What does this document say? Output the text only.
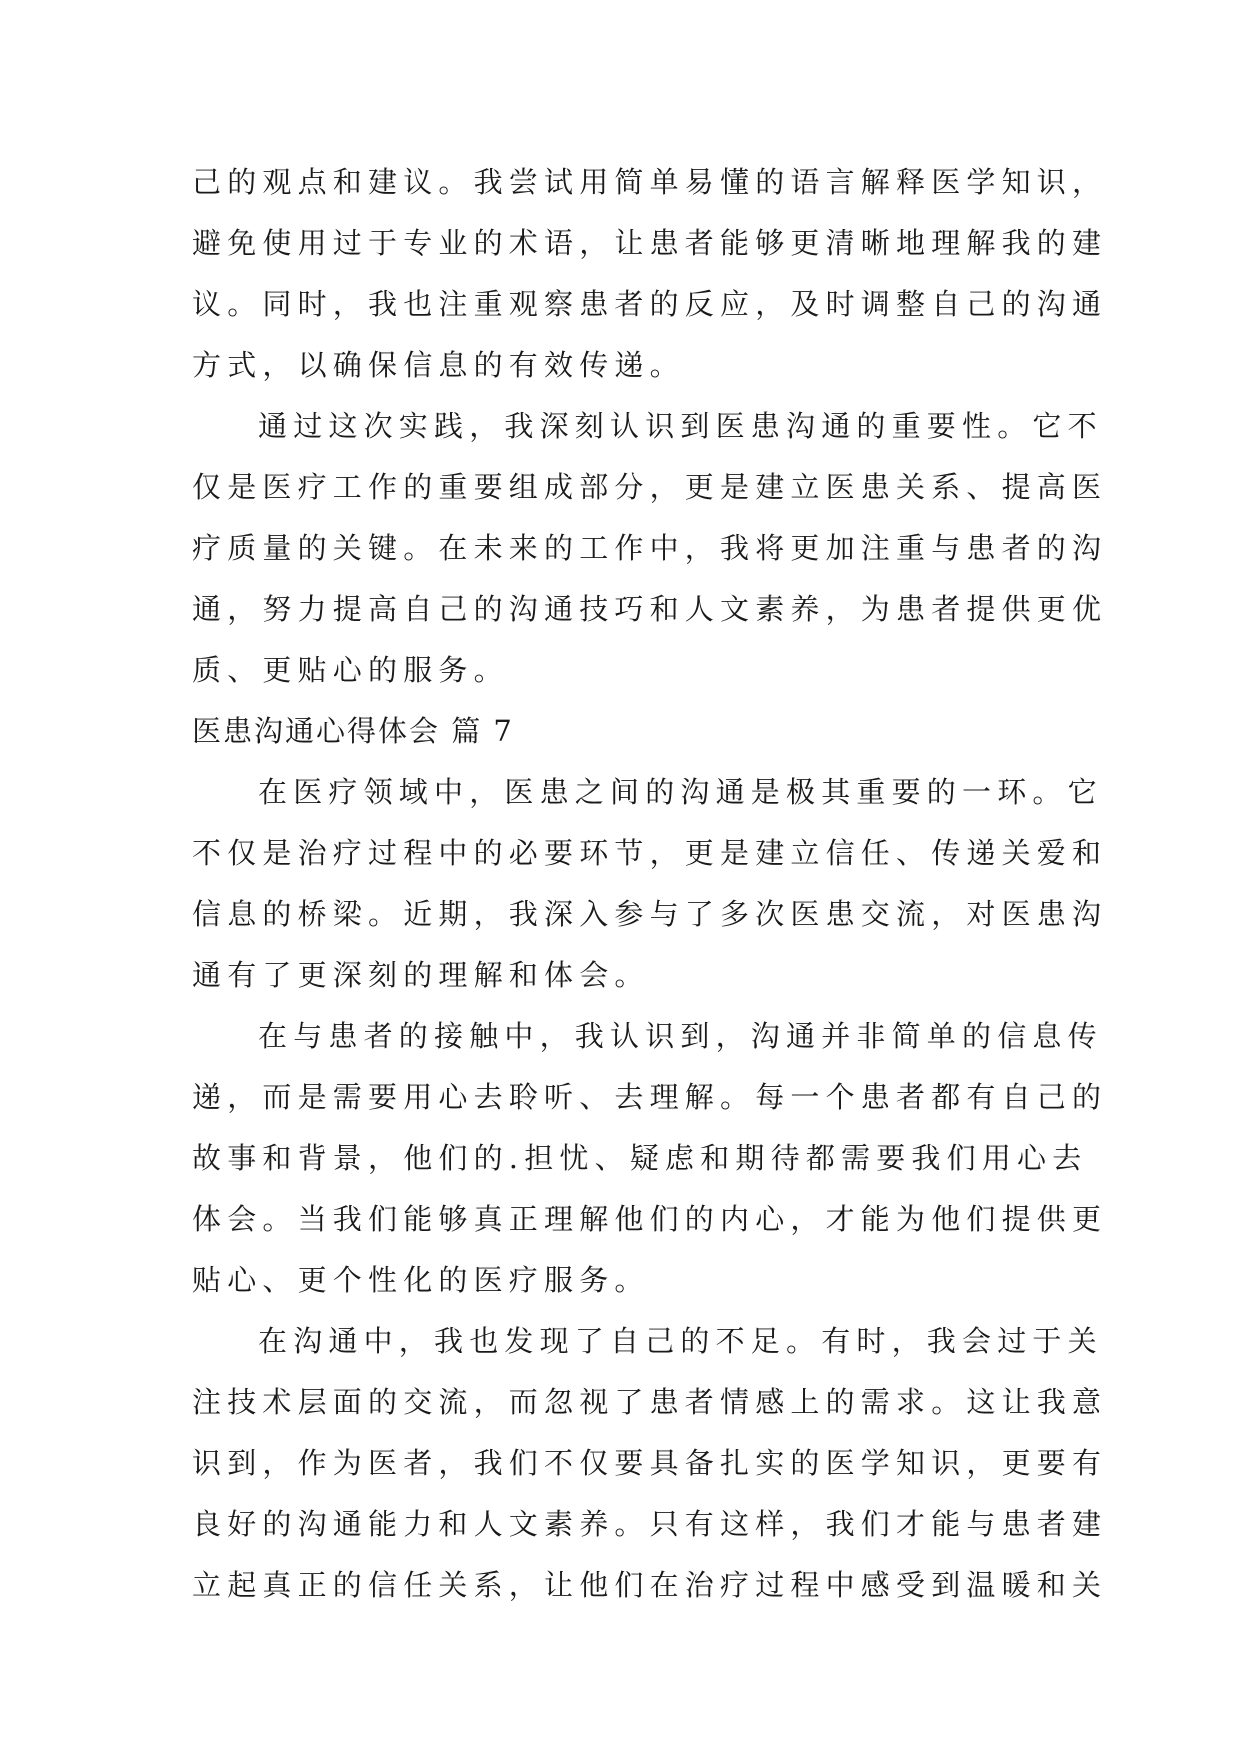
己的观点和建议。我尝试用简单易懂的语言解释医学知识，
避免使用过于专业的术语，让患者能够更清晰地理解我的建
议。同时，我也注重观察患者的反应，及时调整自己的沟通
方式，以确保信息的有效传递。
通过这次实践，我深刻认识到医患沟通的重要性。它不
仅是医疗工作的重要组成部分，更是建立医患关系、提高医
疗质量的关键。在未来的工作中，我将更加注重与患者的沟
通，努力提高自己的沟通技巧和人文素养，为患者提供更优
质、更贴心的服务。
医患沟通心得体会 篇 7
在医疗领域中，医患之间的沟通是极其重要的一环。它
不仅是治疗过程中的必要环节，更是建立信任、传递关爱和
信息的桥梁。近期，我深入参与了多次医患交流，对医患沟
通有了更深刻的理解和体会。
在与患者的接触中，我认识到，沟通并非简单的信息传
递，而是需要用心去聆听、去理解。每一个患者都有自己的
故事和背景，他们的.担忧、疑虑和期待都需要我们用心去
体会。当我们能够真正理解他们的内心，才能为他们提供更
贴心、更个性化的医疗服务。
在沟通中，我也发现了自己的不足。有时，我会过于关
注技术层面的交流，而忽视了患者情感上的需求。这让我意
识到，作为医者，我们不仅要具备扎实的医学知识，更要有
良好的沟通能力和人文素养。只有这样，我们才能与患者建
立起真正的信任关系，让他们在治疗过程中感受到温暖和关
